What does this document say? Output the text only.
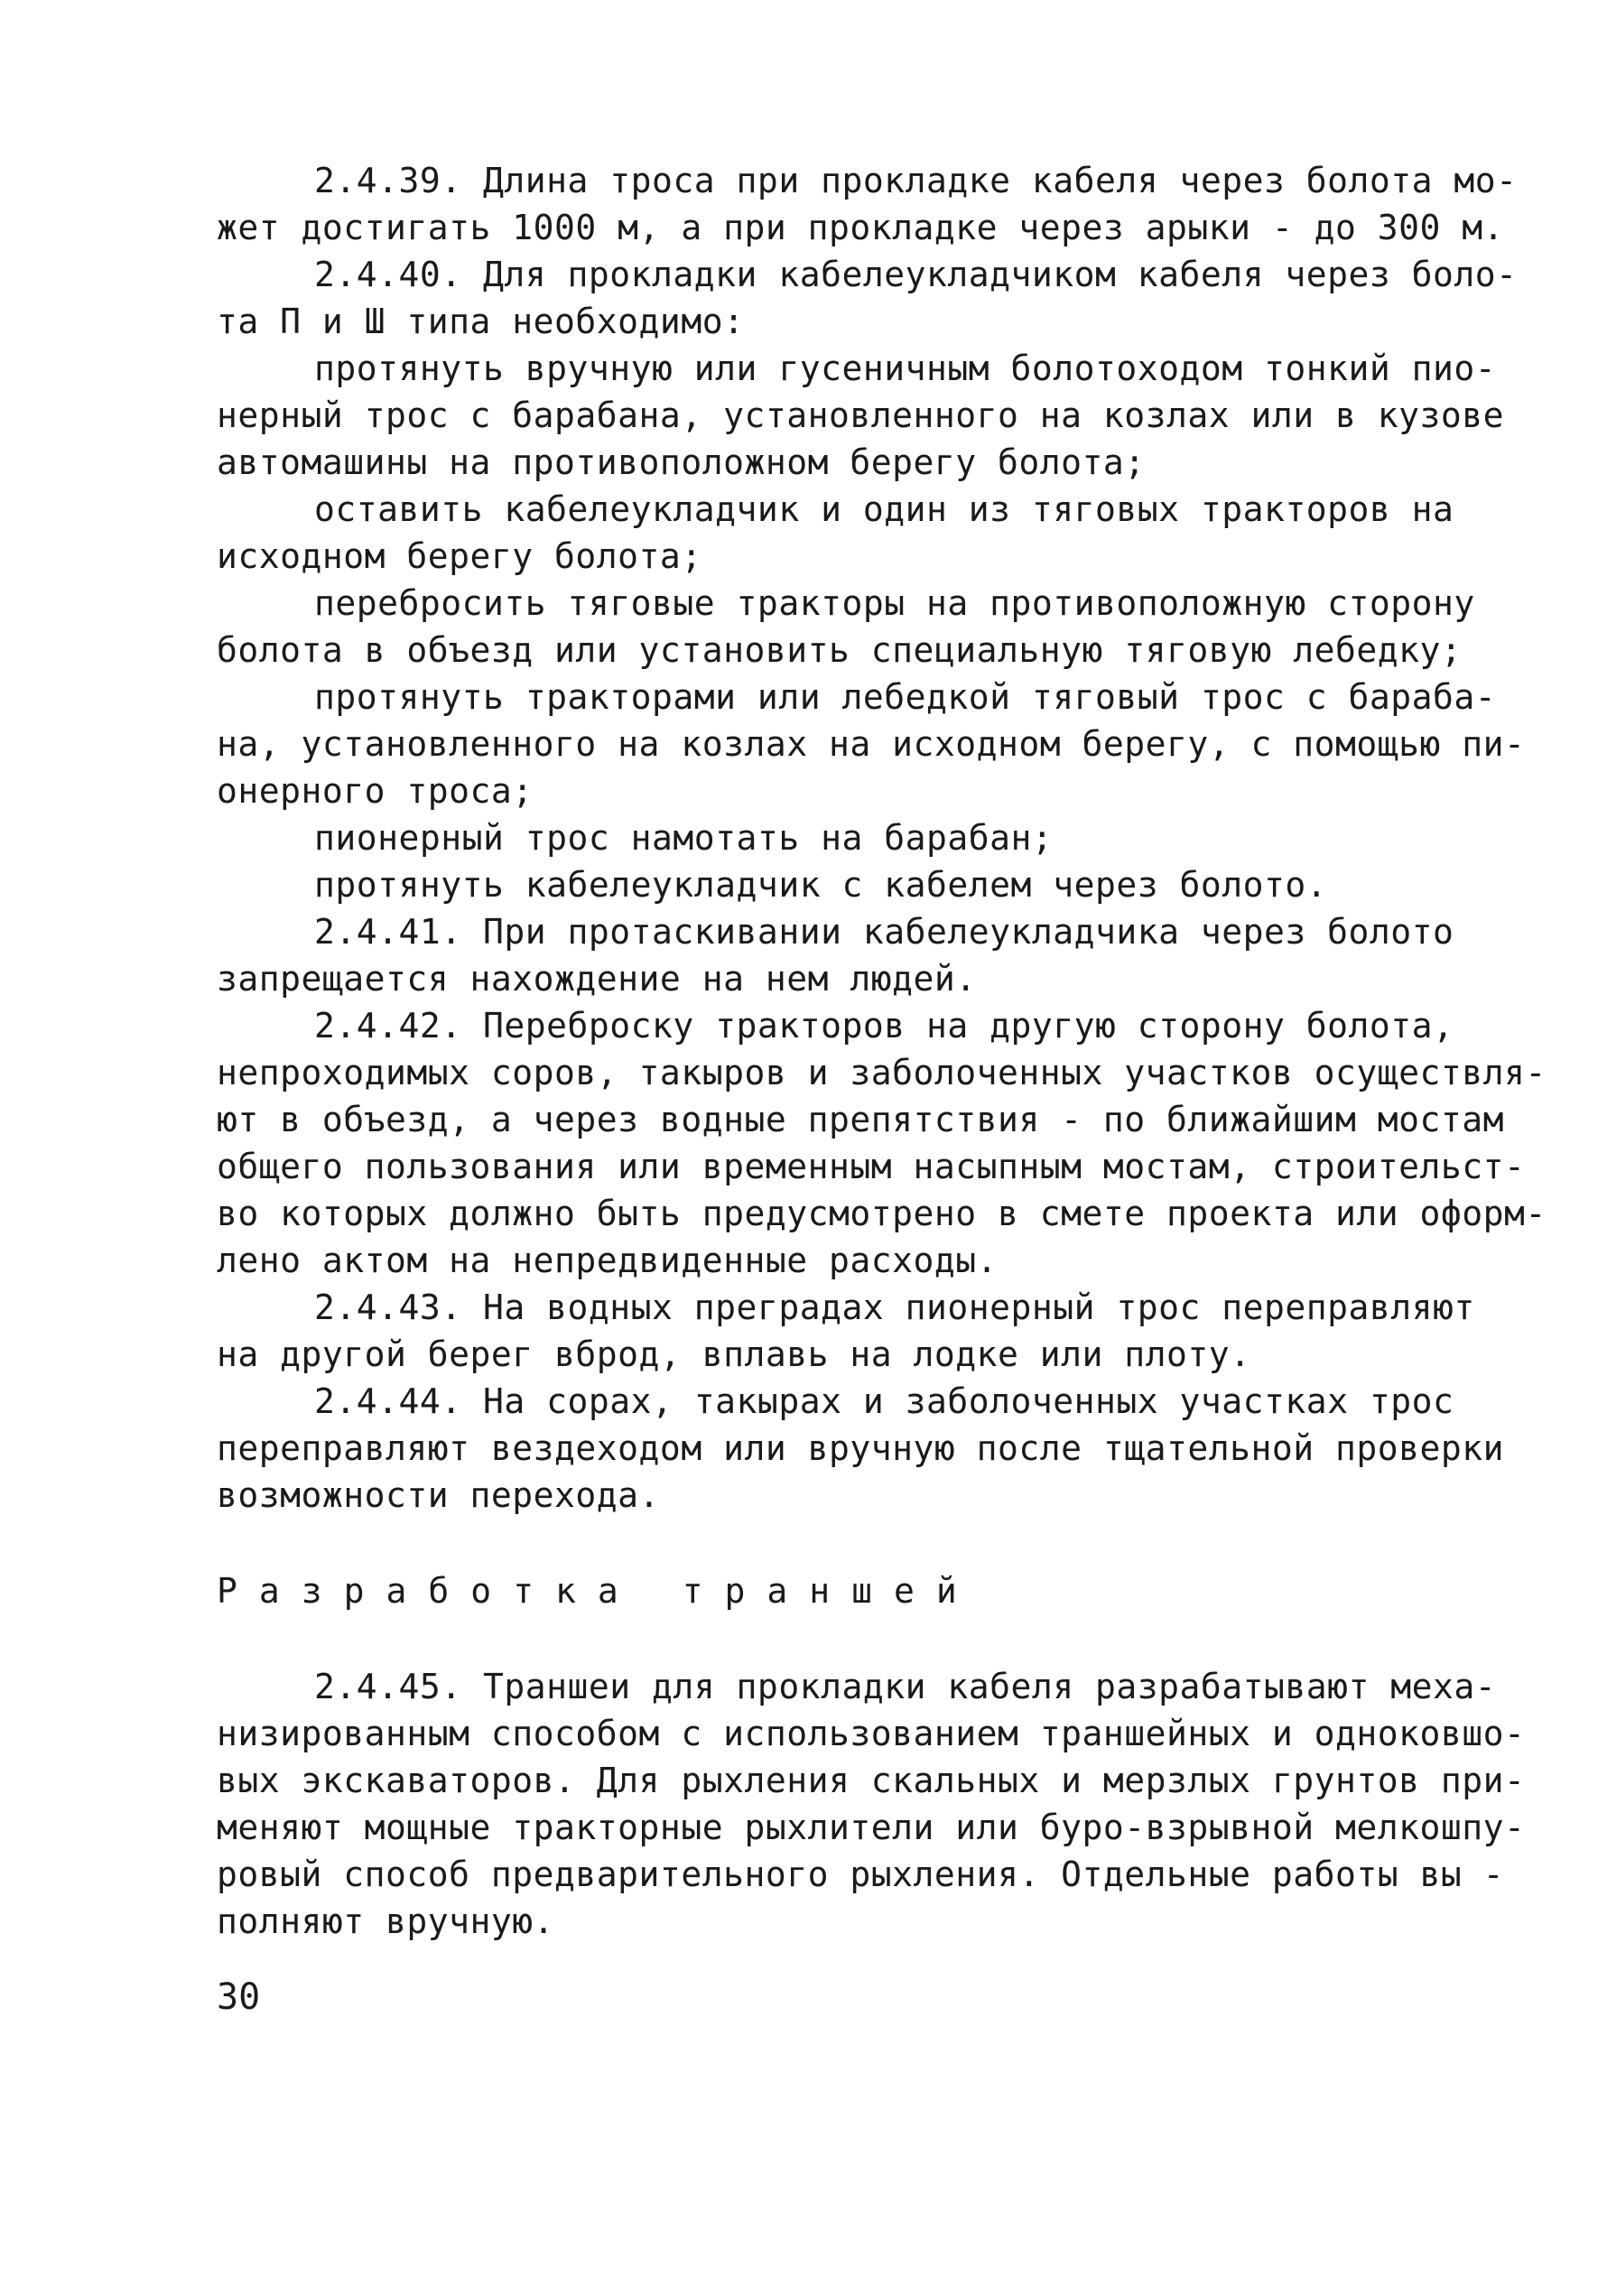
2.4.39. Длина троса при прокладке кабеля через болота мо-
жет достигать 1000 м, а при прокладке через арыки - до 300 м.
2.4.40. Для прокладки кабелеукладчиком кабеля через боло-
та П и Ш типа необходимо:
протянуть вручную или гусеничным болотоходом тонкий пио-
нерный трос с барабана, установленного на козлах или в кузове
автомашины на противоположном берегу болота;
оставить кабелеукладчик и один из тяговых тракторов на
исходном берегу болота;
перебросить тяговые тракторы на противоположную сторону
болота в объезд или установить специальную тяговую лебедку;
протянуть тракторами или лебедкой тяговый трос с бараба-
на, установленного на козлах на исходном берегу, с помощью пи-
онерного троса;
пионерный трос намотать на барабан;
протянуть кабелеукладчик с кабелем через болото.
2.4.41. При протаскивании кабелеукладчика через болото
запрещается нахождение на нем людей.
2.4.42. Переброску тракторов на другую сторону болота,
непроходимых соров, такыров и заболоченных участков осуществля-
ют в объезд, а через водные препятствия - по ближайшим мостам
общего пользования или временным насыпным мостам, строительст-
во которых должно быть предусмотрено в смете проекта или оформ-
лено актом на непредвиденные расходы.
2.4.43. На водных преградах пионерный трос переправляют
на другой берег вброд, вплавь на лодке или плоту.
2.4.44. На сорах, такырах и заболоченных участках трос
переправляют вездеходом или вручную после тщательной проверки
возможности перехода.
Разработка траншей
2.4.45. Траншеи для прокладки кабеля разрабатывают меха-
низированным способом с использованием траншейных и одноковшо-
вых экскаваторов. Для рыхления скальных и мерзлых грунтов при-
меняют мощные тракторные рыхлители или буро-взрывной мелкошпу-
ровый способ предварительного рыхления. Отдельные работы вы -
полняют вручную.
30
